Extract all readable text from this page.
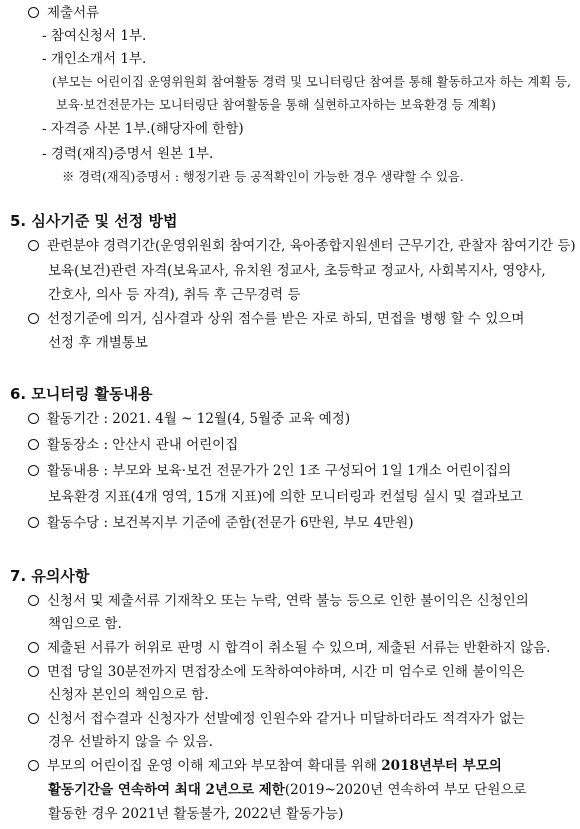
제출서류
- 참여신청서 1부.
- 개인소개서 1부.
(부모는 어린이집 운영위원회 참여활동 경력 및 모니터링단 참여를 통해 활동하고자 하는 계획 등,
보육·보건전문가는 모니터링단 참여활동을 통해 실현하고자하는 보육환경 등 계획)
- 자격증 사본 1부.(해당자에 한함)
- 경력(재직)증명서 원본 1부.
※ 경력(재직)증명서 : 행정기관 등 공적확인이 가능한 경우 생략할 수 있음.
5. 심사기준 및 선정 방법
관련분야 경력기간(운영위원회 참여기간, 육아종합지원센터 근무기간, 관찰자 참여기간 등)
보육(보건)관련 자격(보육교사, 유치원 정교사, 초등학교 정교사, 사회복지사, 영양사,
간호사, 의사 등 자격), 취득 후 근무경력 등
선정기준에 의거, 심사결과 상위 점수를 받은 자로 하되, 면접을 병행 할 수 있으며
선정 후 개별통보
6. 모니터링 활동내용
활동기간 : 2021. 4월 ~ 12월(4, 5월중 교육 예정)
활동장소 : 안산시 관내 어린이집
활동내용 : 부모와 보육·보건 전문가가 2인 1조 구성되어 1일 1개소 어린이집의
보육환경 지표(4개 영역, 15개 지표)에 의한 모니터링과 컨설팅 실시 및 결과보고
활동수당 : 보건복지부 기준에 준함(전문가 6만원, 부모 4만원)
7. 유의사항
신청서 및 제출서류 기재착오 또는 누락, 연락 불능 등으로 인한 불이익은 신청인의
책임으로 함.
제출된 서류가 허위로 판명 시 합격이 취소될 수 있으며, 제출된 서류는 반환하지 않음.
면접 당일 30분전까지 면접장소에 도착하여야하며, 시간 미 엄수로 인해 불이익은
신청자 본인의 책임으로 함.
신청서 접수결과 신청자가 선발예정 인원수와 같거나 미달하더라도 적격자가 없는
경우 선발하지 않을 수 있음.
부모의 어린이집 운영 이해 제고와 부모참여 확대를 위해 2018년부터 부모의
활동기간을 연속하여 최대 2년으로 제한(2019~2020년 연속하여 부모 단원으로
활동한 경우 2021년 활동불가, 2022년 활동가능)
